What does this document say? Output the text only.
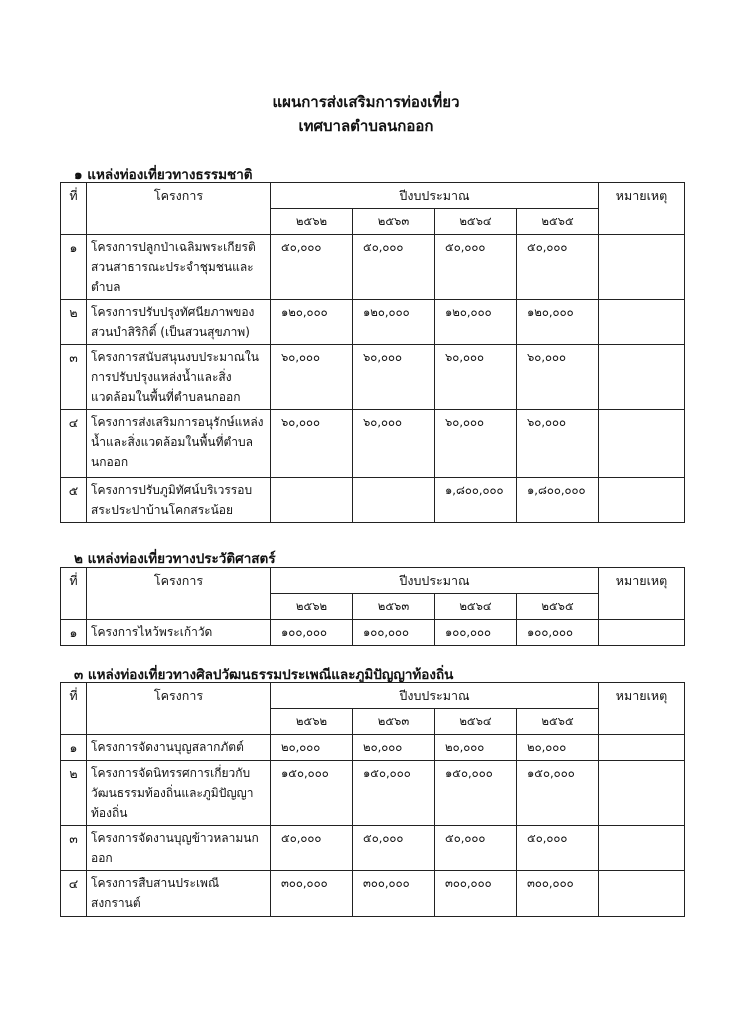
แผนการส่งเสริมการท่องเที่ยว
เทศบาลตำบลนกออก
๑ แหล่งท่องเที่ยวทางธรรมชาติ
ที่	โครงการ	ปีงบประมาณ				หมายเหตุ
		๒๕๖๒	๒๕๖๓	๒๕๖๔	๒๕๖๕	
๑	โครงการปลูกป่าเฉลิมพระเกียรติ สวนสาธารณะประจำชุมชนและตำบล	๕๐,๐๐๐	๕๐,๐๐๐	๕๐,๐๐๐	๕๐,๐๐๐	
๒	โครงการปรับปรุงทัศนียภาพของสวนบำสิริกิติ์ (เป็นสวนสุขภาพ)	๑๒๐,๐๐๐	๑๒๐,๐๐๐	๑๒๐,๐๐๐	๑๒๐,๐๐๐	
๓	โครงการสนับสนุนงบประมาณในการปรับปรุงแหล่งน้ำและสิ่งแวดล้อมในพื้นที่ตำบลนกออก	๖๐,๐๐๐	๖๐,๐๐๐	๖๐,๐๐๐	๖๐,๐๐๐	
๔	โครงการส่งเสริมการอนุรักษ์แหล่งน้ำและสิ่งแวดล้อมในพื้นที่ตำบลนกออก	๖๐,๐๐๐	๖๐,๐๐๐	๖๐,๐๐๐	๖๐,๐๐๐	
๕	โครงการปรับภูมิทัศน์บริเวรรอบสระประปาบ้านโคกสระน้อย			๑,๘๐๐,๐๐๐	๑,๘๐๐,๐๐๐	
๒ แหล่งท่องเที่ยวทางประวัติศาสตร์
ที่	โครงการ	ปีงบประมาณ				หมายเหตุ
		๒๕๖๒	๒๕๖๓	๒๕๖๔	๒๕๖๕	
๑	โครงการไหว้พระเก้าวัด	๑๐๐,๐๐๐	๑๐๐,๐๐๐	๑๐๐,๐๐๐	๑๐๐,๐๐๐	
๓ แหล่งท่องเที่ยวทางศิลปวัฒนธรรมประเพณีและภูมิปัญญาท้องถิ่น
ที่	โครงการ	ปีงบประมาณ				หมายเหตุ
		๒๕๖๒	๒๕๖๓	๒๕๖๔	๒๕๖๕	
๑	โครงการจัดงานบุญสลากภัตต์	๒๐,๐๐๐	๒๐,๐๐๐	๒๐,๐๐๐	๒๐,๐๐๐	
๒	โครงการจัดนิทรรศการเกี่ยวกับวัฒนธรรมท้องถิ่นและภูมิปัญญาท้องถิ่น	๑๕๐,๐๐๐	๑๕๐,๐๐๐	๑๕๐,๐๐๐	๑๕๐,๐๐๐	
๓	โครงการจัดงานบุญข้าวหลามนกออก	๕๐,๐๐๐	๕๐,๐๐๐	๕๐,๐๐๐	๕๐,๐๐๐	
๔	โครงการสืบสานประเพณีสงกรานต์	๓๐๐,๐๐๐	๓๐๐,๐๐๐	๓๐๐,๐๐๐	๓๐๐,๐๐๐	
